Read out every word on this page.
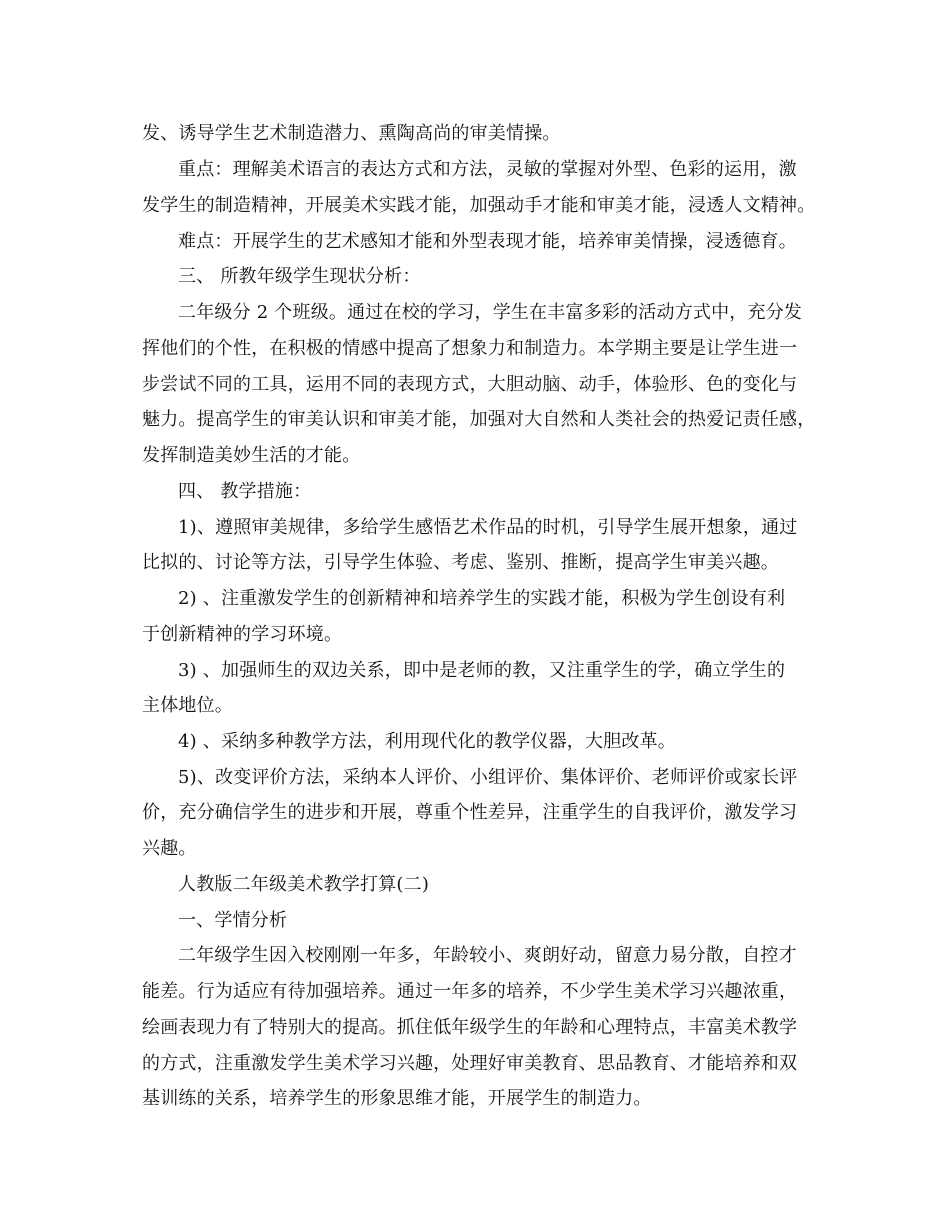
发、诱导学生艺术制造潜力、熏陶高尚的审美情操。
重点：理解美术语言的表达方式和方法，灵敏的掌握对外型、色彩的运用，激
发学生的制造精神，开展美术实践才能，加强动手才能和审美才能，浸透人文精神。
难点：开展学生的艺术感知才能和外型表现才能，培养审美情操，浸透德育。
三、 所教年级学生现状分析：
二年级分 2 个班级。通过在校的学习，学生在丰富多彩的活动方式中，充分发
挥他们的个性，在积极的情感中提高了想象力和制造力。本学期主要是让学生进一
步尝试不同的工具，运用不同的表现方式，大胆动脑、动手，体验形、色的变化与
魅力。提高学生的审美认识和审美才能，加强对大自然和人类社会的热爱记责任感，
发挥制造美妙生活的才能。
四、 教学措施：
1)、遵照审美规律，多给学生感悟艺术作品的时机，引导学生展开想象，通过
比拟的、讨论等方法，引导学生体验、考虑、鉴别、推断，提高学生审美兴趣。
2) 、注重激发学生的创新精神和培养学生的实践才能，积极为学生创设有利
于创新精神的学习环境。
3) 、加强师生的双边关系，即中是老师的教，又注重学生的学，确立学生的
主体地位。
4) 、采纳多种教学方法，利用现代化的教学仪器，大胆改革。
5)、改变评价方法，采纳本人评价、小组评价、集体评价、老师评价或家长评
价，充分确信学生的进步和开展，尊重个性差异，注重学生的自我评价，激发学习
兴趣。
人教版二年级美术教学打算(二)
一、学情分析
二年级学生因入校刚刚一年多，年龄较小、爽朗好动，留意力易分散，自控才
能差。行为适应有待加强培养。通过一年多的培养，不少学生美术学习兴趣浓重，
绘画表现力有了特别大的提高。抓住低年级学生的年龄和心理特点，丰富美术教学
的方式，注重激发学生美术学习兴趣，处理好审美教育、思品教育、才能培养和双
基训练的关系，培养学生的形象思维才能，开展学生的制造力。
